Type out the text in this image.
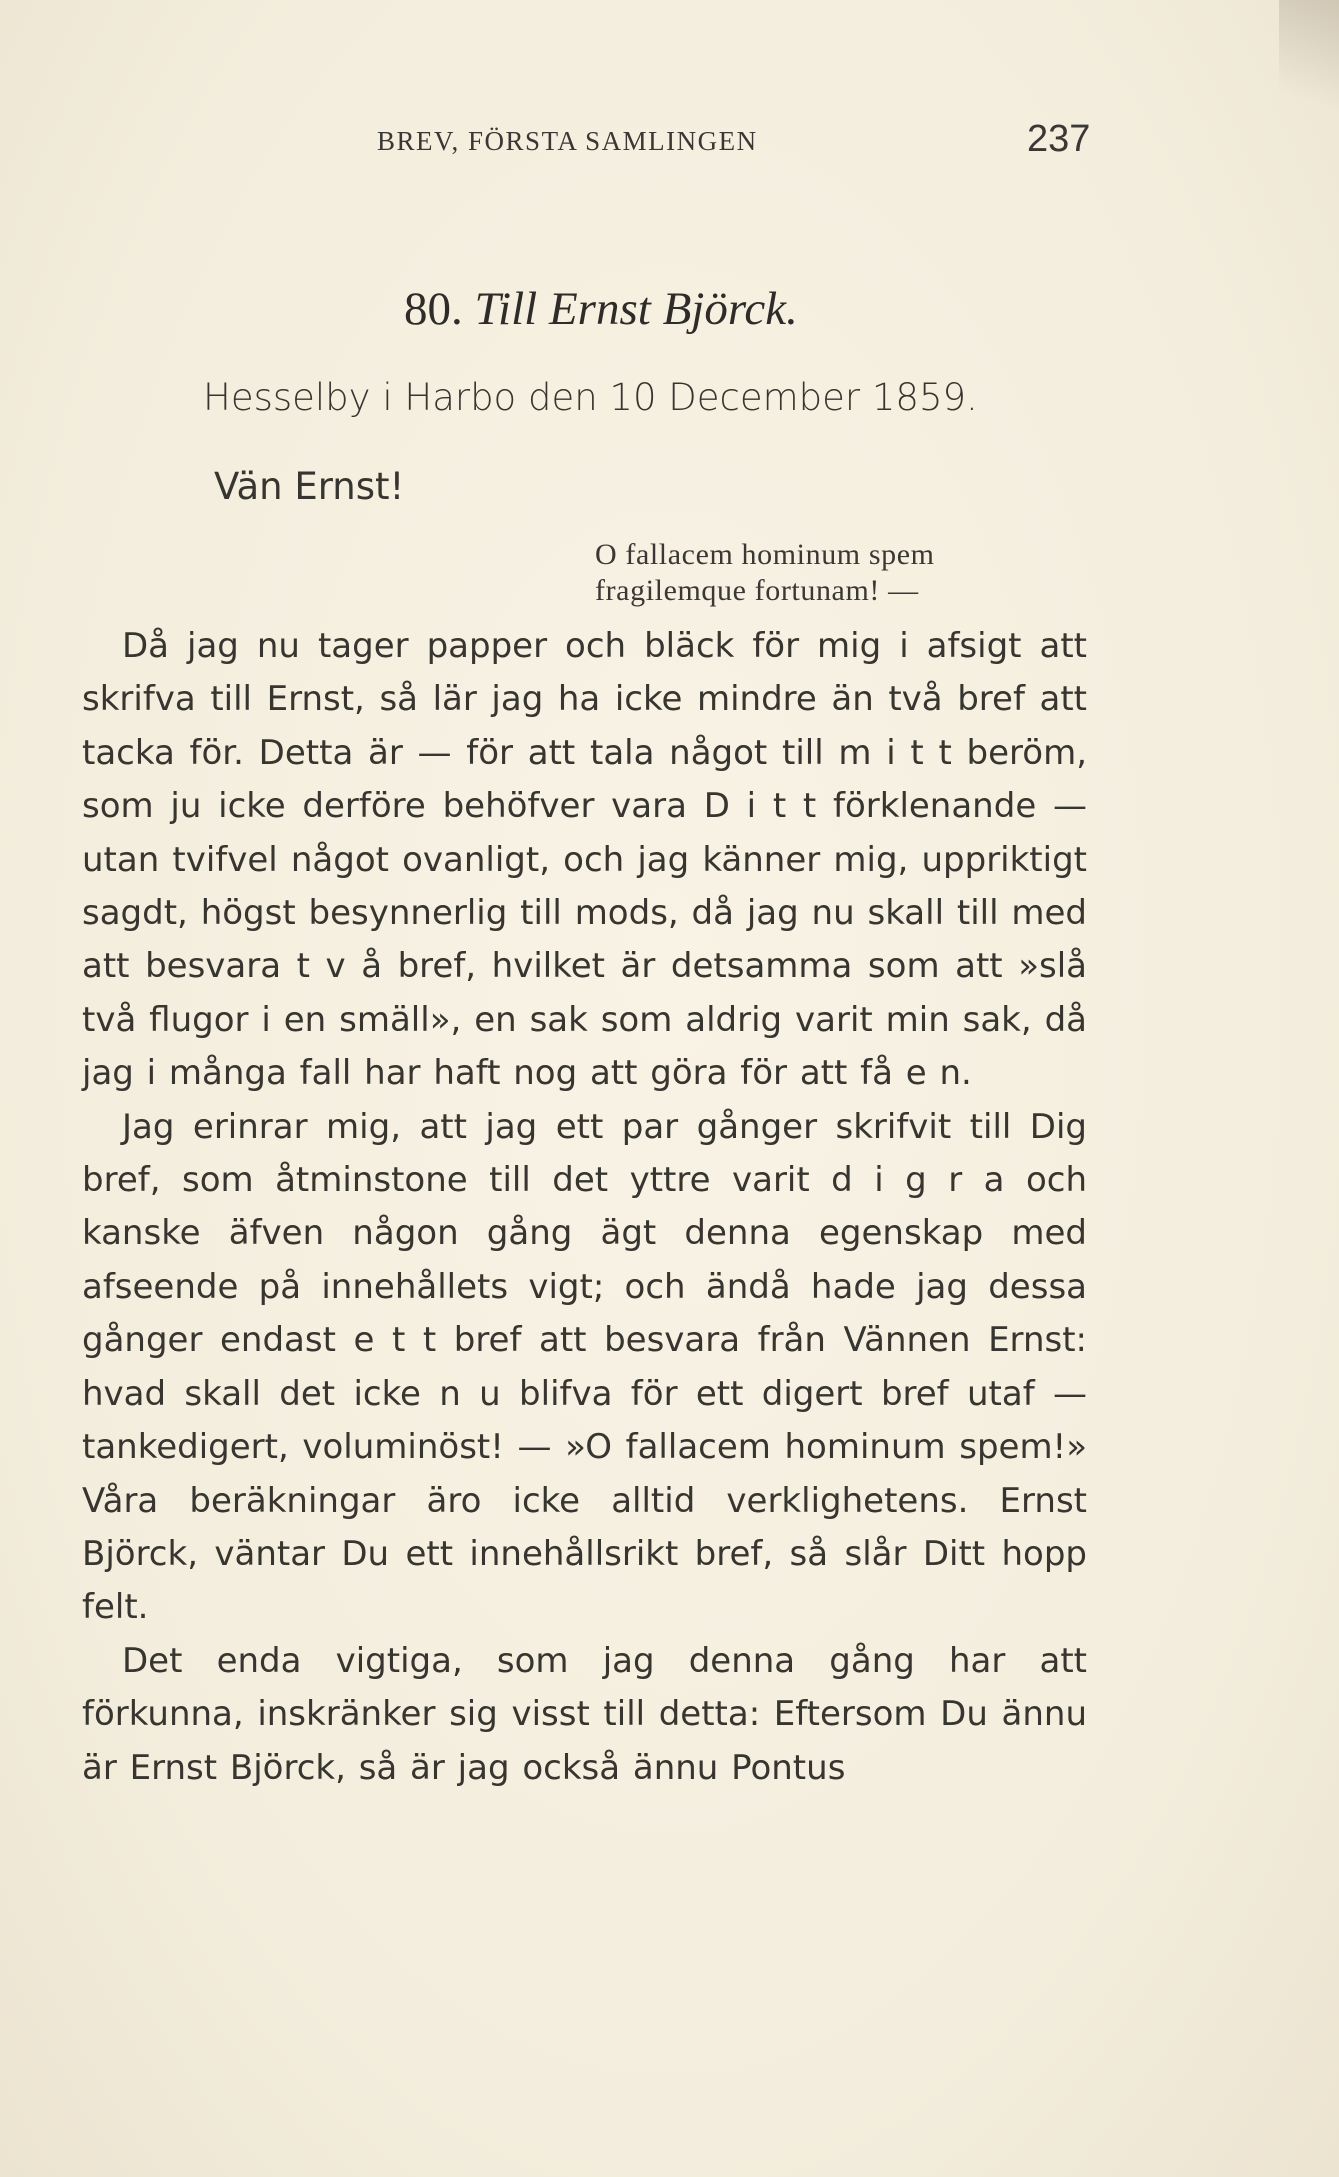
BREV, FÖRSTA SAMLINGEN	237
80. Till Ernst Björck.
Hesselby i Harbo den 10 December 1859.
Vän Ernst!
O fallacem hominum spem
fragilemque fortunam! —

Då jag nu tager papper och bläck för mig i afsigt att skrifva till Ernst, så lär jag ha icke mindre än två bref att tacka för. Detta är — för att tala något till m i t t beröm, som ju icke derföre behöfver vara D i t t förklenande — utan tvifvel något ovanligt, och jag känner mig, uppriktigt sagdt, högst besynnerlig till mods, då jag nu skall till med att besvara t v å bref, hvilket är detsamma som att »slå två flugor i en smäll», en sak som aldrig varit min sak, då jag i många fall har haft nog att göra för att få e n.

Jag erinrar mig, att jag ett par gånger skrifvit till Dig bref, som åtminstone till det yttre varit d i g r a och kanske äfven någon gång ägt denna egenskap med afseende på innehållets vigt; och ändå hade jag dessa gånger endast e t t bref att besvara från Vännen Ernst: hvad skall det icke n u blifva för ett digert bref utaf — tankedigert, voluminöst! — »O fallacem hominum spem!» Våra beräkningar äro icke alltid verklighetens. Ernst Björck, väntar Du ett innehållsrikt bref, så slår Ditt hopp felt.

Det enda vigtiga, som jag denna gång har att förkunna, inskränker sig visst till detta: Eftersom Du ännu är Ernst Björck, så är jag också ännu Pontus
